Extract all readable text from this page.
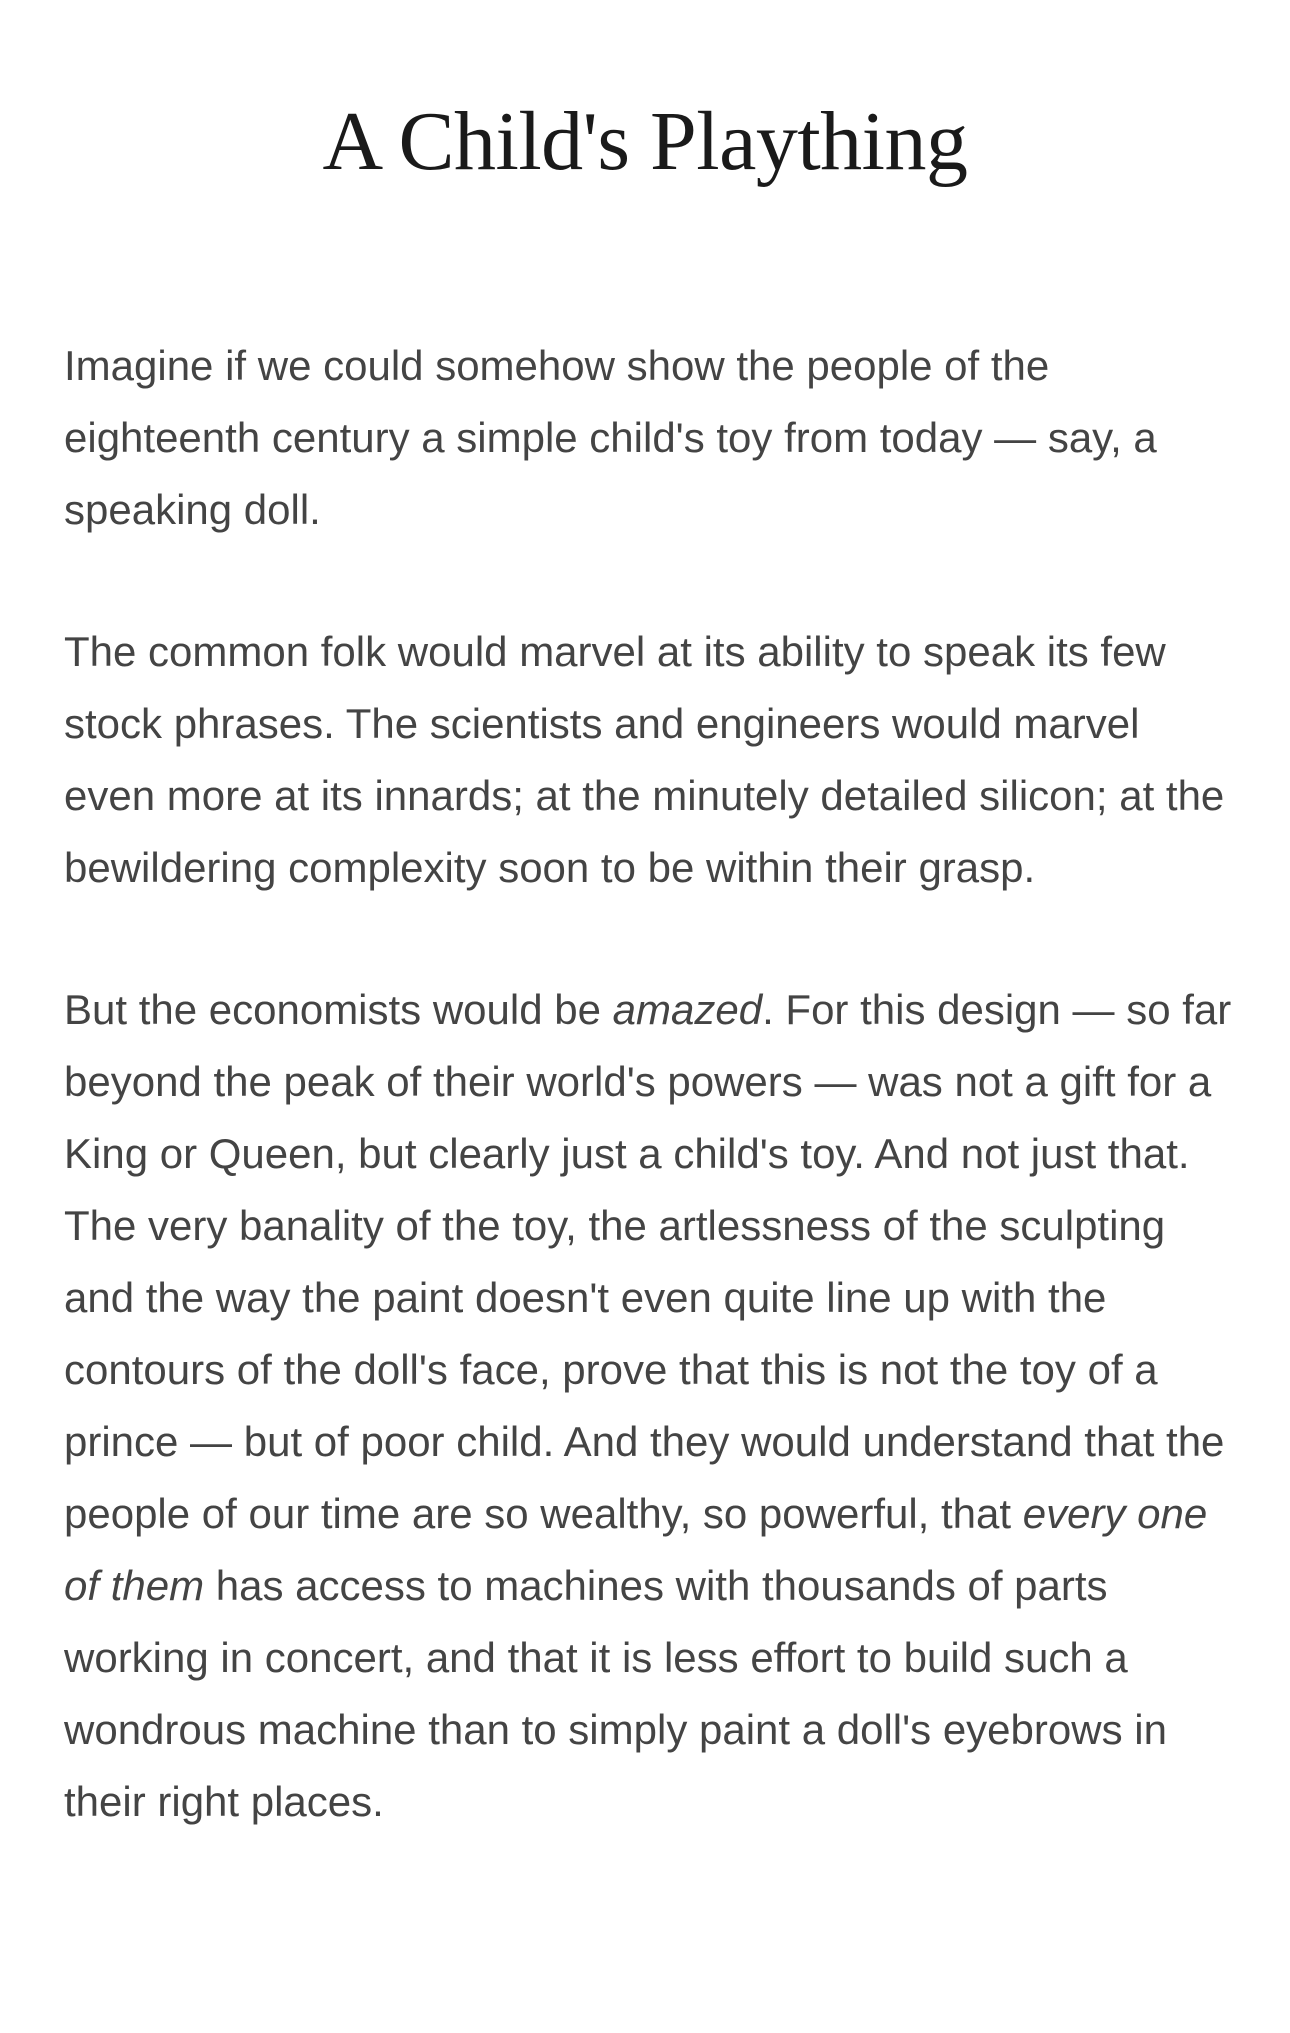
A Child's Plaything

Imagine if we could somehow show the people of the eighteenth century a simple child's toy from today — say, a speaking doll.

The common folk would marvel at its ability to speak its few stock phrases. The scientists and engineers would marvel even more at its innards; at the minutely detailed silicon; at the bewildering complexity soon to be within their grasp.

But the economists would be amazed. For this design — so far beyond the peak of their world's powers — was not a gift for a King or Queen, but clearly just a child's toy. And not just that. The very banality of the toy, the artlessness of the sculpting and the way the paint doesn't even quite line up with the contours of the doll's face, prove that this is not the toy of a prince — but of poor child. And they would understand that the people of our time are so wealthy, so powerful, that every one of them has access to machines with thousands of parts working in concert, and that it is less effort to build such a wondrous machine than to simply paint a doll's eyebrows in their right places.
